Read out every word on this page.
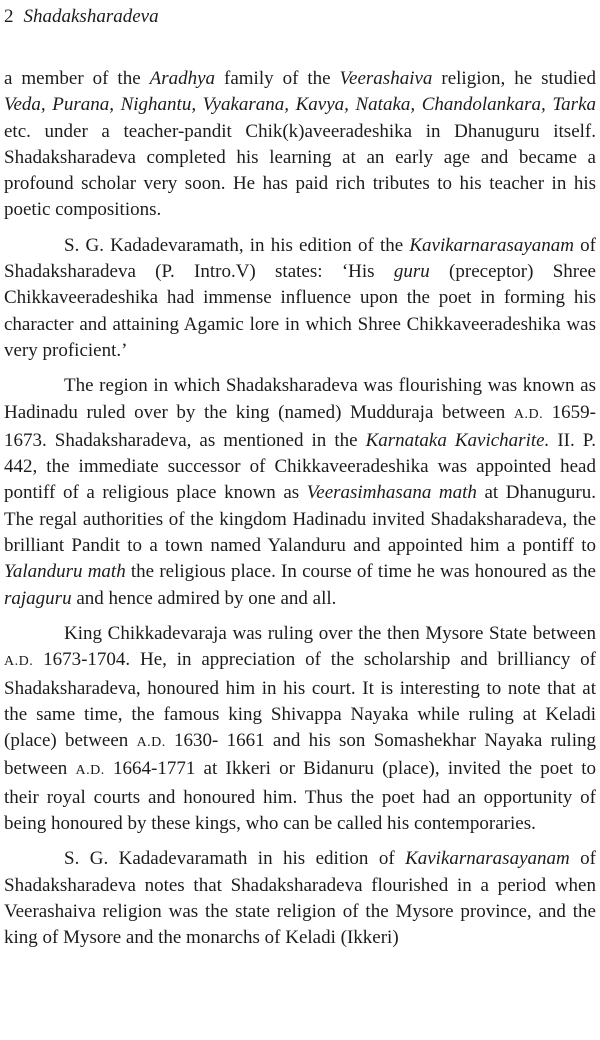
2 Shadaksharadeva

a member of the Aradhya family of the Veerashaiva religion, he studied Veda, Purana, Nighantu, Vyakarana, Kavya, Nataka, Chandolankara, Tarka etc. under a teacher-pandit Chik(k)aveeradeshika in Dhanuguru itself. Shadaksharadeva completed his learning at an early age and became a profound scholar very soon. He has paid rich tributes to his teacher in his poetic compositions.

S. G. Kadadevaramath, in his edition of the Kavikarnarasayanam of Shadaksharadeva (P. Intro.V) states: ‘His guru (preceptor) Shree Chikkaveeradeshika had immense influence upon the poet in forming his character and attaining Agamic lore in which Shree Chikkaveeradeshika was very proficient.’

The region in which Shadaksharadeva was flourishing was known as Hadinadu ruled over by the king (named) Mudduraja between A.D. 1659-1673. Shadaksharadeva, as mentioned in the Karnataka Kavicharite. II. P. 442, the immediate successor of Chikkaveeradeshika was appointed head pontiff of a religious place known as Veerasimhasana math at Dhanuguru. The regal authorities of the kingdom Hadinadu invited Shadaksharadeva, the brilliant Pandit to a town named Yalanduru and appointed him a pontiff to Yalanduru math the religious place. In course of time he was honoured as the rajaguru and hence admired by one and all.

King Chikkadevaraja was ruling over the then Mysore State between A.D. 1673-1704. He, in appreciation of the scholarship and brilliancy of Shadaksharadeva, honoured him in his court. It is interesting to note that at the same time, the famous king Shivappa Nayaka while ruling at Keladi (place) between A.D. 1630- 1661 and his son Somashekhar Nayaka ruling between A.D. 1664-1771 at Ikkeri or Bidanuru (place), invited the poet to their royal courts and honoured him. Thus the poet had an opportunity of being honoured by these kings, who can be called his contemporaries.

S. G. Kadadevaramath in his edition of Kavikarnarasayanam of Shadaksharadeva notes that Shadaksharadeva flourished in a period when Veerashaiva religion was the state religion of the Mysore province, and the king of Mysore and the monarchs of Keladi (Ikkeri)
